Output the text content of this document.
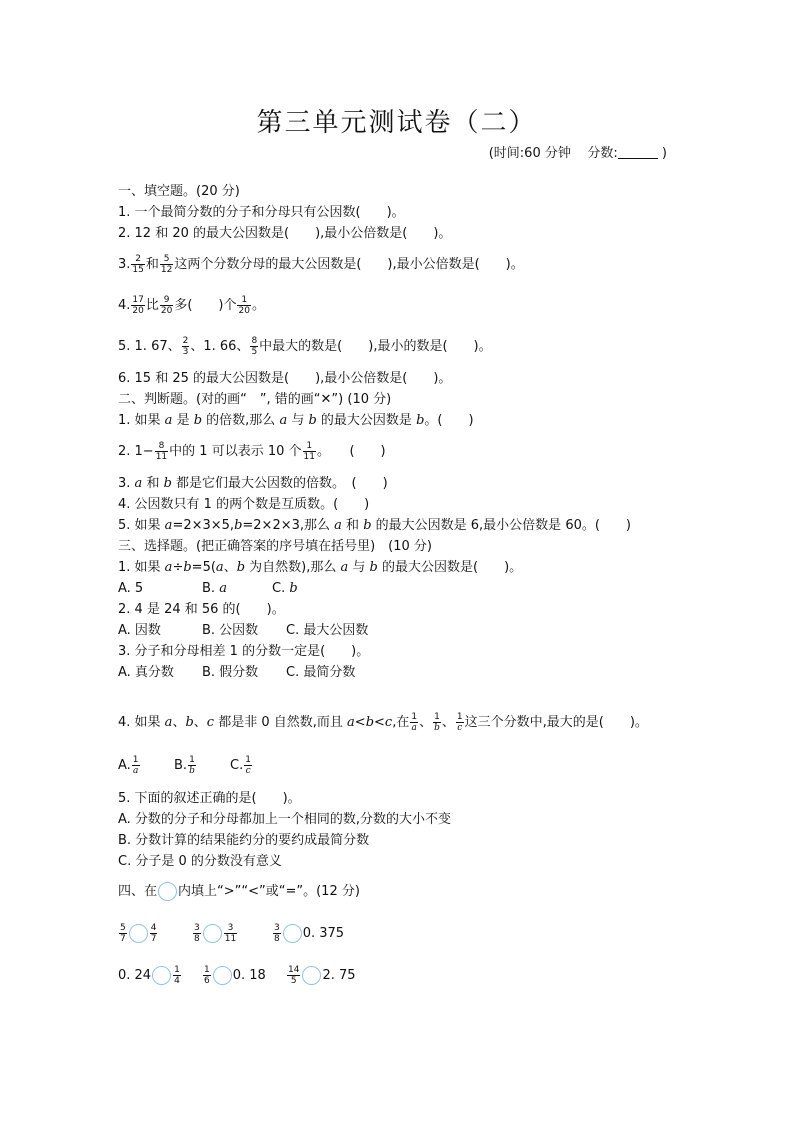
第三单元测试卷（二）
(时间:60 分钟 分数:	)
一、填空题。(20 分)
1. 一个最简分数的分子和分母只有公因数(　　)。
2. 12 和 20 的最大公因数是(　　),最小公倍数是(　　)。
3. $\frac{2}{15}$ 和 $\frac{5}{12}$ 这两个分数分母的最大公因数是(　　),最小公倍数是(　　)。
4. $\frac{17}{20}$ 比 $\frac{9}{20}$ 多(　　)个 $\frac{1}{20}$ 。
5. 1. 67、 $\frac{2}{3}$ 、1. 66、 $\frac{8}{5}$ 中最大的数是(　　),最小的数是(　　)。
6. 15 和 25 的最大公因数是(　　),最小公倍数是(　　)。
二、判断题。(对的画“　”, 错的画“✕”) (10 分)
1. 如果 a 是 b 的倍数,那么 a 与 b 的最大公因数是 b。(　　)
2. $1- \frac{8}{11}$ 中的 1 可以表示 10 个 $\frac{1}{11}$ 。　　(　　)
3. a 和 b 都是它们最大公因数的倍数。　(　　)
4. 公因数只有 1 的两个数是互质数。(　　)
5. 如果 a=2×3×5,b=2×2×3,那么 a 和 b 的最大公因数是 6,最小公倍数是 60。(　　)
三、选择题。(把正确答案的序号填在括号里)　(10 分)
1. 如果 a÷b=5(a、b 为自然数),那么 a 与 b 的最大公因数是(　　)。
A. 5	B. a	C. b
2. 4 是 24 和 56 的(　　)。
A. 因数	B. 公因数 C. 最大公因数
3. 分子和分母相差 1 的分数一定是(　　)。
A. 真分数 B. 假分数 C. 最简分数
4. 如果 a、b、c 都是非 0 自然数,而且 a<b<c,在 $\frac{1}{a}$ 、 $\frac{1}{b}$ 、 $\frac{1}{c}$ 这三个分数中,最大的是(　　)。
A. $\frac{1}{a}$	B. $\frac{1}{b}$	C. $\frac{1}{c}$
5. 下面的叙述正确的是(　　)。
A. 分数的分子和分母都加上一个相同的数,分数的大小不变
B. 分数计算的结果能约分的要约成最简分数
C. 分子是 0 的分数没有意义
四、在 内填上“>”“<”或“=”。(12 分)
$\frac{5}{7}$	$\frac{4}{7}$	$\frac{3}{8}$	$\frac{3}{11}$	$\frac{3}{8} 0$. 375
0. $24 \frac{1}{4} \frac{1}{6} 0$. $18 \frac{14}{5} 2$. 75
